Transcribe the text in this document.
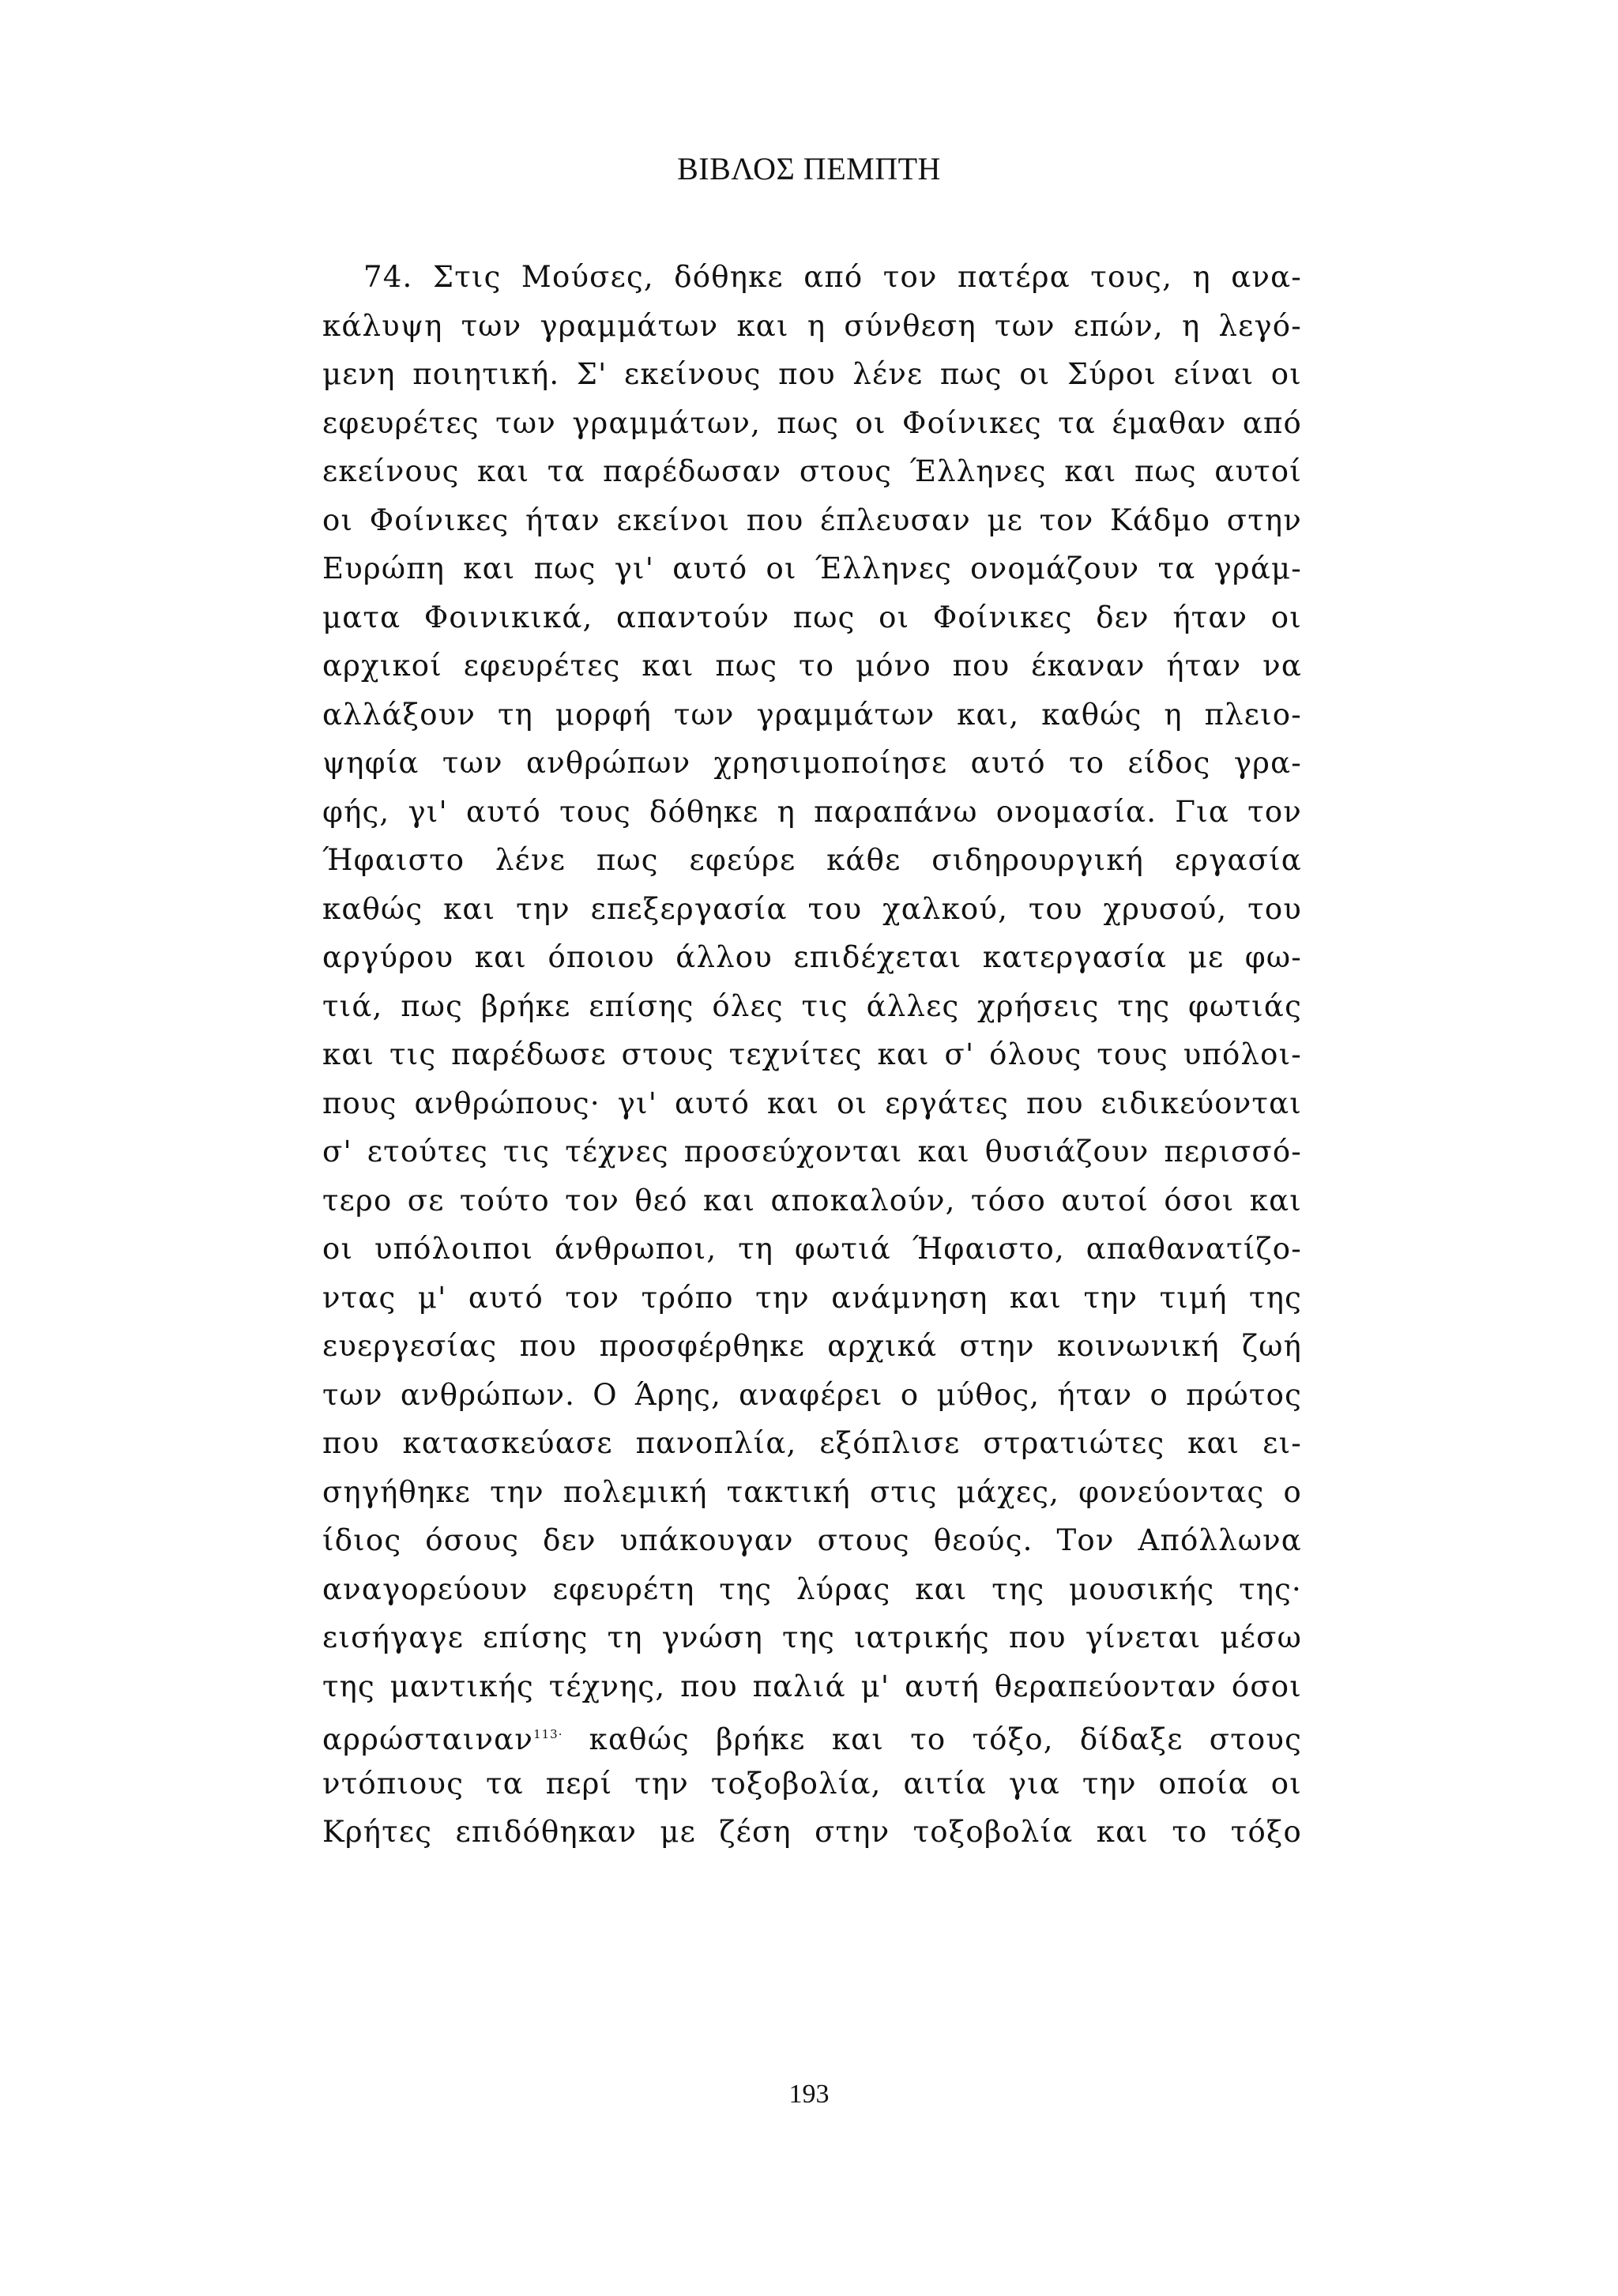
ΒΙΒΛΟΣ ΠΕΜΠΤΗ
74. Στις Μούσες, δόθηκε από τον πατέρα τους, η ανα-
κάλυψη των γραμμάτων και η σύνθεση των επών, η λεγό-
μενη ποιητική. Σ' εκείνους που λένε πως οι Σύροι είναι οι
εφευρέτες των γραμμάτων, πως οι Φοίνικες τα έμαθαν από
εκείνους και τα παρέδωσαν στους Έλληνες και πως αυτοί
οι Φοίνικες ήταν εκείνοι που έπλευσαν με τον Κάδμο στην
Ευρώπη και πως γι' αυτό οι Έλληνες ονομάζουν τα γράμ-
ματα Φοινικικά, απαντούν πως οι Φοίνικες δεν ήταν οι
αρχικοί εφευρέτες και πως το μόνο που έκαναν ήταν να
αλλάξουν τη μορφή των γραμμάτων και, καθώς η πλειο-
ψηφία των ανθρώπων χρησιμοποίησε αυτό το είδος γρα-
φής, γι' αυτό τους δόθηκε η παραπάνω ονομασία. Για τον
Ήφαιστο λένε πως εφεύρε κάθε σιδηρουργική εργασία
καθώς και την επεξεργασία του χαλκού, του χρυσού, του
αργύρου και όποιου άλλου επιδέχεται κατεργασία με φω-
τιά, πως βρήκε επίσης όλες τις άλλες χρήσεις της φωτιάς
και τις παρέδωσε στους τεχνίτες και σ' όλους τους υπόλοι-
πους ανθρώπους· γι' αυτό και οι εργάτες που ειδικεύονται
σ' ετούτες τις τέχνες προσεύχονται και θυσιάζουν περισσό-
τερο σε τούτο τον θεό και αποκαλούν, τόσο αυτοί όσοι και
οι υπόλοιποι άνθρωποι, τη φωτιά Ήφαιστο, απαθανατίζο-
ντας μ' αυτό τον τρόπο την ανάμνηση και την τιμή της
ευεργεσίας που προσφέρθηκε αρχικά στην κοινωνική ζωή
των ανθρώπων. Ο Άρης, αναφέρει ο μύθος, ήταν ο πρώτος
που κατασκεύασε πανοπλία, εξόπλισε στρατιώτες και ει-
σηγήθηκε την πολεμική τακτική στις μάχες, φονεύοντας ο
ίδιος όσους δεν υπάκουγαν στους θεούς. Τον Απόλλωνα
αναγορεύουν εφευρέτη της λύρας και της μουσικής της·
εισήγαγε επίσης τη γνώση της ιατρικής που γίνεται μέσω
της μαντικής τέχνης, που παλιά μ' αυτή θεραπεύονταν όσοι
αρρώσταιναν$^{113\cdot}$ καθώς βρήκε και το τόξο, δίδαξε στους
ντόπιους τα περί την τοξοβολία, αιτία για την οποία οι
Κρήτες επιδόθηκαν με ζέση στην τοξοβολία και το τόξο
193
